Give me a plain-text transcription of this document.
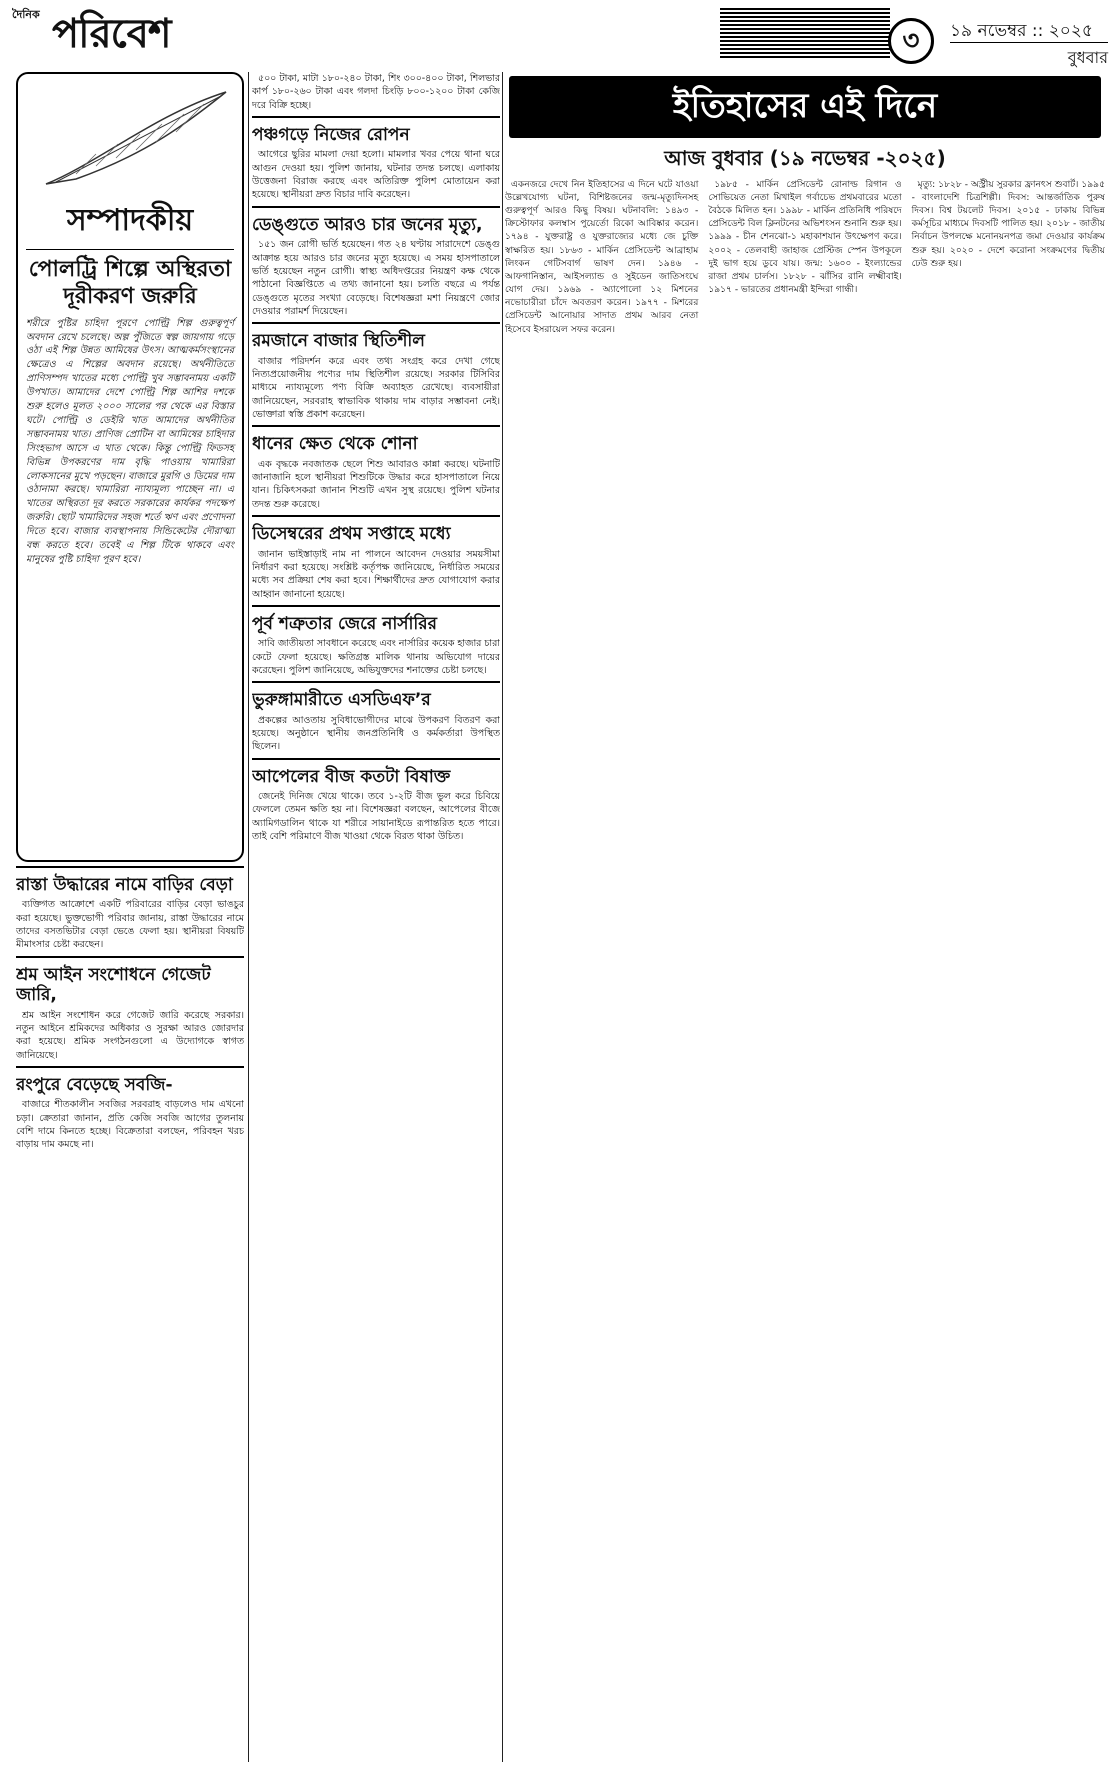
দৈনিক পরিবেশ	৩	১৯ নভেম্বর :: ২০২৫
বুধবার
সম্পাদকীয়
পোলট্রি শিল্পে অস্থিরতা দূরীকরণ জরুরি
শরীরে পুষ্টির চাহিদা পূরণে পোল্ট্রি শিল্প গুরুত্বপূর্ণ অবদান রেখে চলেছে। অল্প পুঁজিতে স্বল্প জায়গায় গড়ে ওঠা এই শিল্প উন্নত আমিষের উৎস। আত্মকর্মসংস্থানের ক্ষেত্রেও এ শিল্পের অবদান রয়েছে। অর্থনীতিতে প্রাণিসম্পদ খাতের মধ্যে পোল্ট্রি খুব সম্ভাবনাময় একটি উপখাত। আমাদের দেশে পোল্ট্রি শিল্প আশির দশকে শুরু হলেও মূলত ২০০০ সালের পর থেকে এর বিস্তার ঘটে। পোল্ট্রি ও ডেইরি খাত আমাদের অর্থনীতির সম্ভাবনাময় খাত। প্রাণিজ প্রোটিন বা আমিষের চাহিদার সিংহভাগ আসে এ খাত থেকে। কিন্তু পোল্ট্রি ফিডসহ বিভিন্ন উপকরণের দাম বৃদ্ধি পাওয়ায় খামারিরা লোকসানের মুখে পড়ছেন। বাজারে মুরগি ও ডিমের দাম ওঠানামা করছে। খামারিরা ন্যায্যমূল্য পাচ্ছেন না। এ খাতের অস্থিরতা দূর করতে সরকারের কার্যকর পদক্ষেপ জরুরি। ছোট খামারিদের সহজ শর্তে ঋণ এবং প্রণোদনা দিতে হবে। বাজার ব্যবস্থাপনায় সিন্ডিকেটের দৌরাত্ম্য বন্ধ করতে হবে। তবেই এ শিল্প টিকে থাকবে এবং মানুষের পুষ্টি চাহিদা পূরণ হবে।
রাস্তা উদ্ধারের নামে বাড়ির বেড়া

ব্যক্তিগত আক্রোশে একটি পরিবারের বাড়ির বেড়া ভাঙচুর করা হয়েছে। ভুক্তভোগী পরিবার জানায়, রাস্তা উদ্ধারের নামে তাদের বসতভিটার বেড়া ভেঙে ফেলা হয়। স্থানীয়রা বিষয়টি মীমাংসার চেষ্টা করছেন।

শ্রম আইন সংশোধনে গেজেট জারি,

শ্রম আইন সংশোধন করে গেজেট জারি করেছে সরকার। নতুন আইনে শ্রমিকদের অধিকার ও সুরক্ষা আরও জোরদার করা হয়েছে। শ্রমিক সংগঠনগুলো এ উদ্যোগকে স্বাগত জানিয়েছে।

রংপুরে বেড়েছে সবজি-

বাজারে শীতকালীন সবজির সরবরাহ বাড়লেও দাম এখনো চড়া। ক্রেতারা জানান, প্রতি কেজি সবজি আগের তুলনায় বেশি দামে কিনতে হচ্ছে। বিক্রেতারা বলছেন, পরিবহন খরচ বাড়ায় দাম কমছে না।

৫০০ টাকা, মাটা ১৮০-২৪০ টাকা, শিং ৩০০-৪০০ টাকা, শিলভার কার্প ১৮০-২৬০ টাকা এবং গলদা চিংড়ি ৮০০-১২০০ টাকা কেজি দরে বিক্রি হচ্ছে।

পঞ্চগড়ে নিজের রোপন

আগেরে ছুরির মামলা দেয়া হলো। মামলার খবর পেয়ে থানা ঘরে আগুন দেওয়া হয়। পুলিশ জানায়, ঘটনার তদন্ত চলছে। এলাকায় উত্তেজনা বিরাজ করছে এবং অতিরিক্ত পুলিশ মোতায়েন করা হয়েছে। স্থানীয়রা দ্রুত বিচার দাবি করেছেন।

ডেঙ্গুতে আরও চার জনের মৃত্যু,

১৫১ জন রোগী ভর্তি হয়েছেন। গত ২৪ ঘণ্টায় সারাদেশে ডেঙ্গু আক্রান্ত হয়ে আরও চার জনের মৃত্যু হয়েছে। এ সময় হাসপাতালে ভর্তি হয়েছেন নতুন রোগী। স্বাস্থ্য অধিদপ্তরের নিয়ন্ত্রণ কক্ষ থেকে পাঠানো বিজ্ঞপ্তিতে এ তথ্য জানানো হয়। চলতি বছরে এ পর্যন্ত ডেঙ্গুতে মৃতের সংখ্যা বেড়েছে। বিশেষজ্ঞরা মশা নিয়ন্ত্রণে জোর দেওয়ার পরামর্শ দিয়েছেন।

রমজানে বাজার স্থিতিশীল

বাজার পরিদর্শন করে এবং তথ্য সংগ্রহ করে দেখা গেছে নিত্যপ্রয়োজনীয় পণ্যের দাম স্থিতিশীল রয়েছে। সরকার টিসিবির মাধ্যমে ন্যায্যমূল্যে পণ্য বিক্রি অব্যাহত রেখেছে। ব্যবসায়ীরা জানিয়েছেন, সরবরাহ স্বাভাবিক থাকায় দাম বাড়ার সম্ভাবনা নেই। ভোক্তারা স্বস্তি প্রকাশ করেছেন।

ধানের ক্ষেত থেকে শোনা

এক বৃদ্ধকে নবজাতক ছেলে শিশু আবারও কান্না করছে। ঘটনাটি জানাজানি হলে স্থানীয়রা শিশুটিকে উদ্ধার করে হাসপাতালে নিয়ে যান। চিকিৎসকরা জানান শিশুটি এখন সুস্থ রয়েছে। পুলিশ ঘটনার তদন্ত শুরু করেছে।

ডিসেম্বরের প্রথম সপ্তাহে মধ্যে

জানান ভাইস্তাড়াই নাম না পালনে আবেদন দেওয়ার সময়সীমা নির্ধারণ করা হয়েছে। সংশ্লিষ্ট কর্তৃপক্ষ জানিয়েছে, নির্ধারিত সময়ের মধ্যে সব প্রক্রিয়া শেষ করা হবে। শিক্ষার্থীদের দ্রুত যোগাযোগ করার আহ্বান জানানো হয়েছে।

পূর্ব শত্রুতার জেরে নার্সারির

সাবি জাতীয়তা সাবধানে করেছে এবং নার্সারির কয়েক হাজার চারা কেটে ফেলা হয়েছে। ক্ষতিগ্রস্ত মালিক থানায় অভিযোগ দায়ের করেছেন। পুলিশ জানিয়েছে, অভিযুক্তদের শনাক্তের চেষ্টা চলছে।

ভুরুঙ্গামারীতে এসডিএফ’র

প্রকল্পের আওতায় সুবিধাভোগীদের মাঝে উপকরণ বিতরণ করা হয়েছে। অনুষ্ঠানে স্থানীয় জনপ্রতিনিধি ও কর্মকর্তারা উপস্থিত ছিলেন।

আপেলের বীজ কতটা বিষাক্ত

জেনেই দিনিজ খেয়ে থাকে। তবে ১-২টি বীজ ভুল করে চিবিয়ে ফেললে তেমন ক্ষতি হয় না। বিশেষজ্ঞরা বলছেন, আপেলের বীজে অ্যামিগডালিন থাকে যা শরীরে সায়ানাইডে রূপান্তরিত হতে পারে। তাই বেশি পরিমাণে বীজ খাওয়া থেকে বিরত থাকা উচিত।

ইতিহাসের এই দিনে
আজ বুধবার (১৯ নভেম্বর -২০২৫)

একনজরে দেখে নিন ইতিহাসের এ দিনে ঘটে যাওয়া উল্লেখযোগ্য ঘটনা, বিশিষ্টজনের জন্ম-মৃত্যুদিনসহ গুরুত্বপূর্ণ আরও কিছু বিষয়। ঘটনাবলি: ১৪৯৩ - ক্রিস্টোফার কলম্বাস পুয়ের্তো রিকো আবিষ্কার করেন। ১৭৯৪ - যুক্তরাষ্ট্র ও যুক্তরাজ্যের মধ্যে জে চুক্তি স্বাক্ষরিত হয়। ১৮৬৩ - মার্কিন প্রেসিডেন্ট আব্রাহাম লিংকন গেটিসবার্গ ভাষণ দেন। ১৯৪৬ - আফগানিস্তান, আইসল্যান্ড ও সুইডেন জাতিসংঘে যোগ দেয়। ১৯৬৯ - অ্যাপোলো ১২ মিশনের নভোচারীরা চাঁদে অবতরণ করেন। ১৯৭৭ - মিশরের প্রেসিডেন্ট আনোয়ার সাদাত প্রথম আরব নেতা হিসেবে ইসরায়েল সফর করেন।

১৯৮৫ - মার্কিন প্রেসিডেন্ট রোনাল্ড রিগান ও সোভিয়েত নেতা মিখাইল গর্বাচেভ প্রথমবারের মতো বৈঠকে মিলিত হন। ১৯৯৮ - মার্কিন প্রতিনিধি পরিষদে প্রেসিডেন্ট বিল ক্লিনটনের অভিশংসন শুনানি শুরু হয়। ১৯৯৯ - চীন শেনঝো-১ মহাকাশযান উৎক্ষেপণ করে। ২০০২ - তেলবাহী জাহাজ প্রেস্টিজ স্পেন উপকূলে দুই ভাগ হয়ে ডুবে যায়। জন্ম: ১৬০০ - ইংল্যান্ডের রাজা প্রথম চার্লস। ১৮২৮ - ঝাঁসির রানি লক্ষ্মীবাই। ১৯১৭ - ভারতের প্রধানমন্ত্রী ইন্দিরা গান্ধী।

মৃত্যু: ১৮২৮ - অস্ট্রীয় সুরকার ফ্রানৎস শুবার্ট। ১৯৯৫ - বাংলাদেশি চিত্রশিল্পী। দিবস: আন্তর্জাতিক পুরুষ দিবস। বিশ্ব টয়লেট দিবস। ২০১৫ - ঢাকায় বিভিন্ন কর্মসূচির মাধ্যমে দিবসটি পালিত হয়। ২০১৮ - জাতীয় নির্বাচন উপলক্ষে মনোনয়নপত্র জমা দেওয়ার কার্যক্রম শুরু হয়। ২০২০ - দেশে করোনা সংক্রমণের দ্বিতীয় ঢেউ শুরু হয়।
